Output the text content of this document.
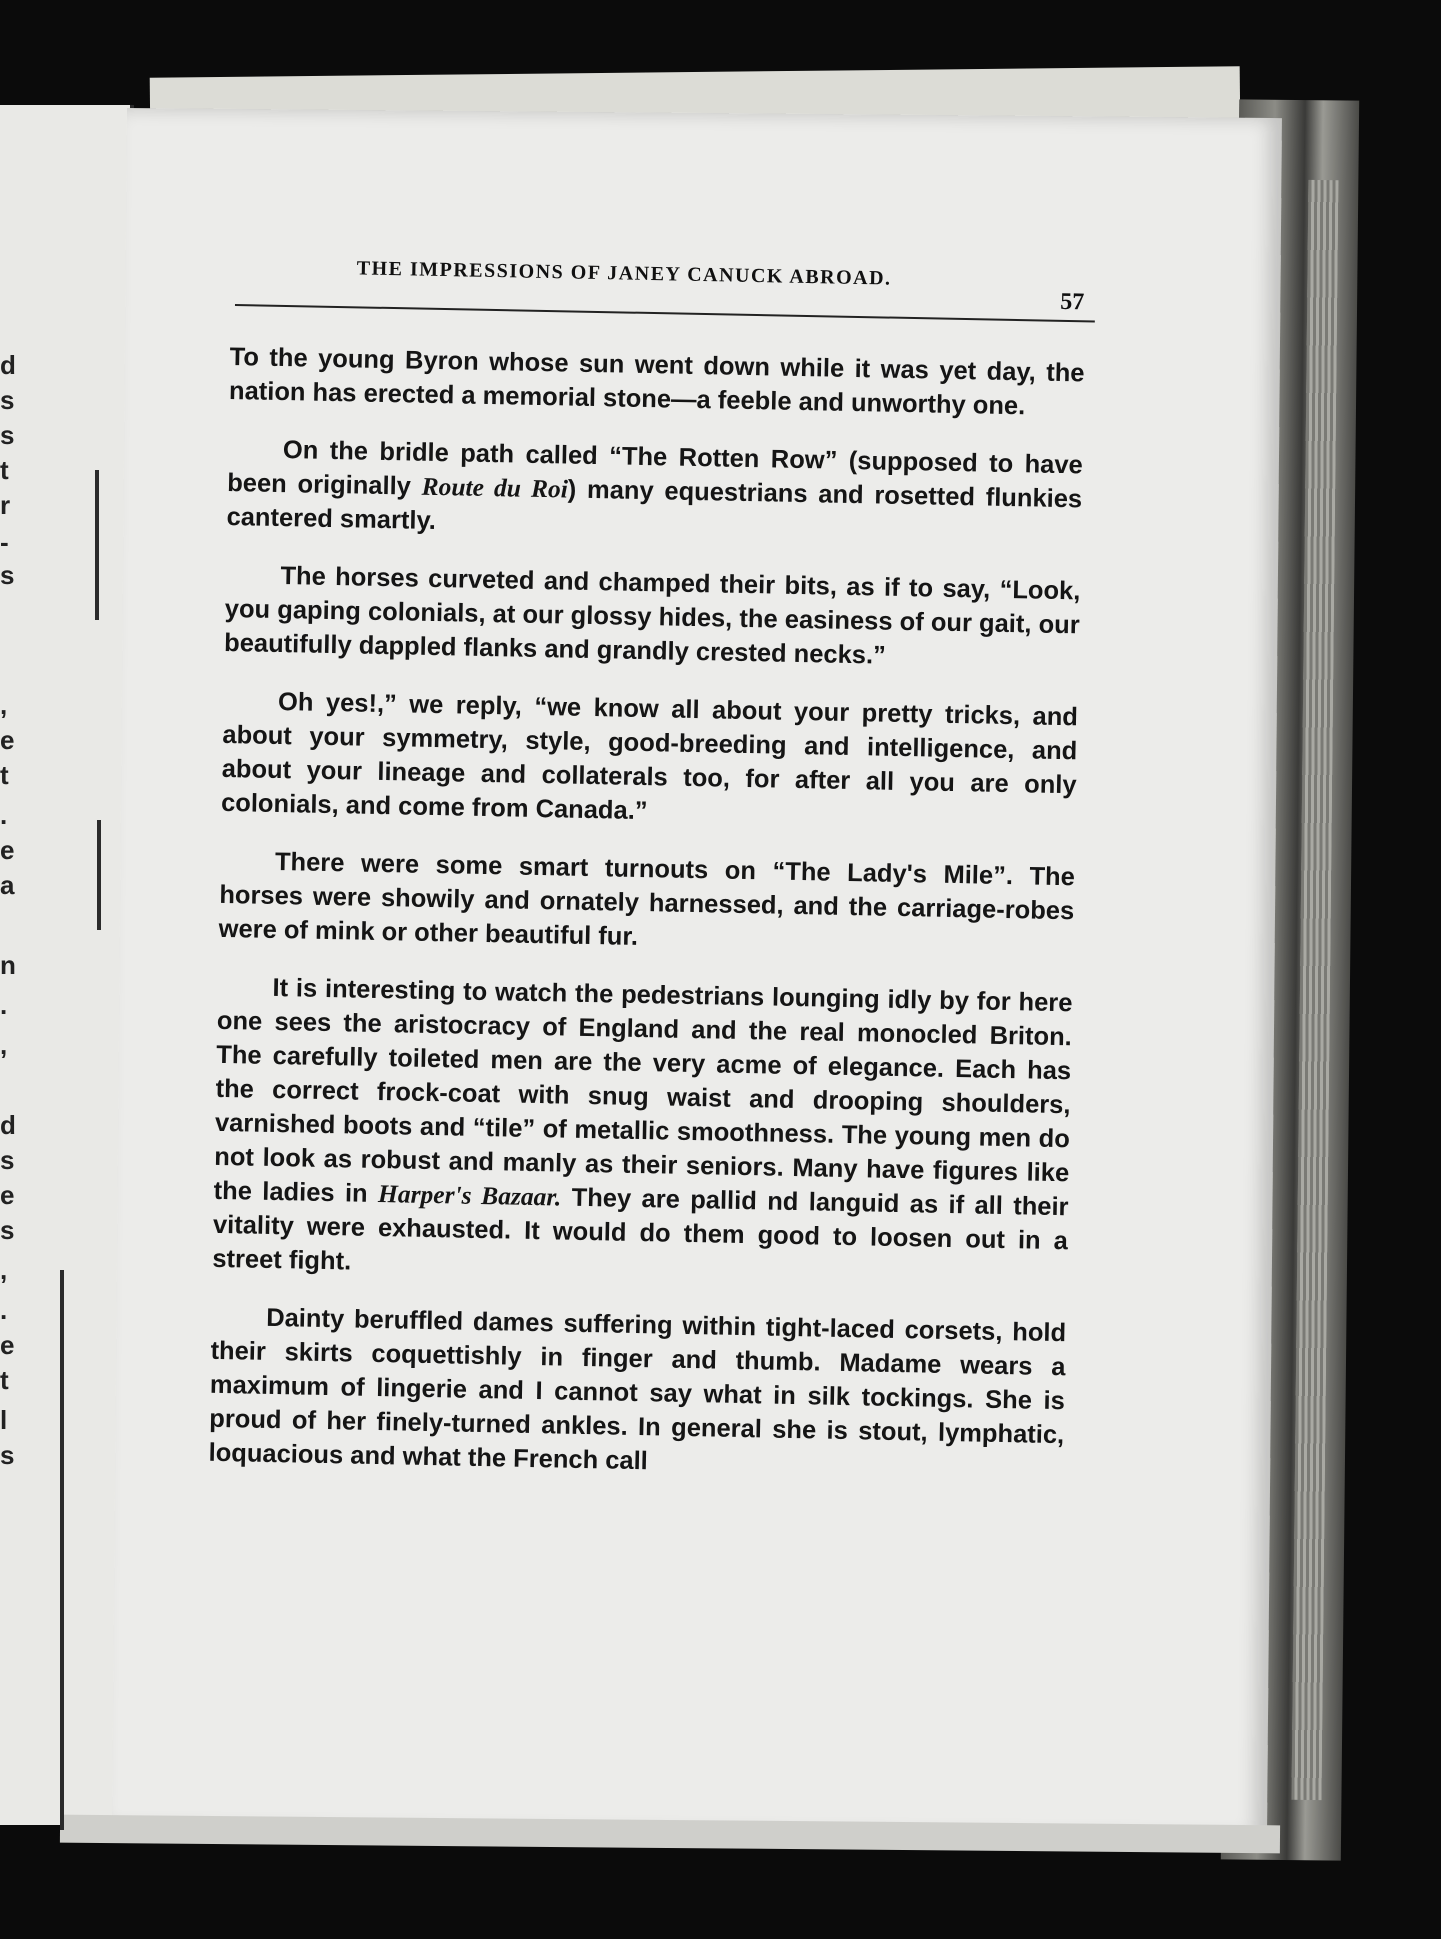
d
s
s
t
r
-
s
,
e
t
.
e
a
n
.
,
d
s
e
s
,
.
e
t
l
s
THE IMPRESSIONS OF JANEY CANUCK ABROAD.
57

To the young Byron whose sun went down while it was yet day, the nation has erected a memorial stone—a feeble and unworthy one.

On the bridle path called “The Rotten Row” (supposed to have been originally Route du Roi) many equestrians and rosetted flunkies cantered smartly.

The horses curveted and champed their bits, as if to say, “Look, you gaping colonials, at our glossy hides, the easiness of our gait, our beautifully dappled flanks and grandly crested necks.”

Oh yes!,” we reply, “we know all about your pretty tricks, and about your symmetry, style, good-breeding and intelligence, and about your lineage and collaterals too, for after all you are only colonials, and come from Canada.”

There were some smart turnouts on “The Lady's Mile”. The horses were showily and ornately harnessed, and the carriage-robes were of mink or other beautiful fur.

It is interesting to watch the pedestrians lounging idly by for here one sees the aristocracy of England and the real monocled Briton. The carefully toileted men are the very acme of elegance. Each has the correct frock-coat with snug waist and drooping shoulders, varnished boots and “tile” of metallic smoothness. The young men do not look as robust and manly as their seniors. Many have figures like the ladies in Harper's Bazaar. They are pallid nd languid as if all their vitality were exhausted. It would do them good to loosen out in a street fight.

Dainty beruffled dames suffering within tight-laced corsets, hold their skirts coquettishly in finger and thumb. Madame wears a maximum of lingerie and I cannot say what in silk tockings. She is proud of her finely-turned ankles. In general she is stout, lymphatic, loquacious and what the French call
